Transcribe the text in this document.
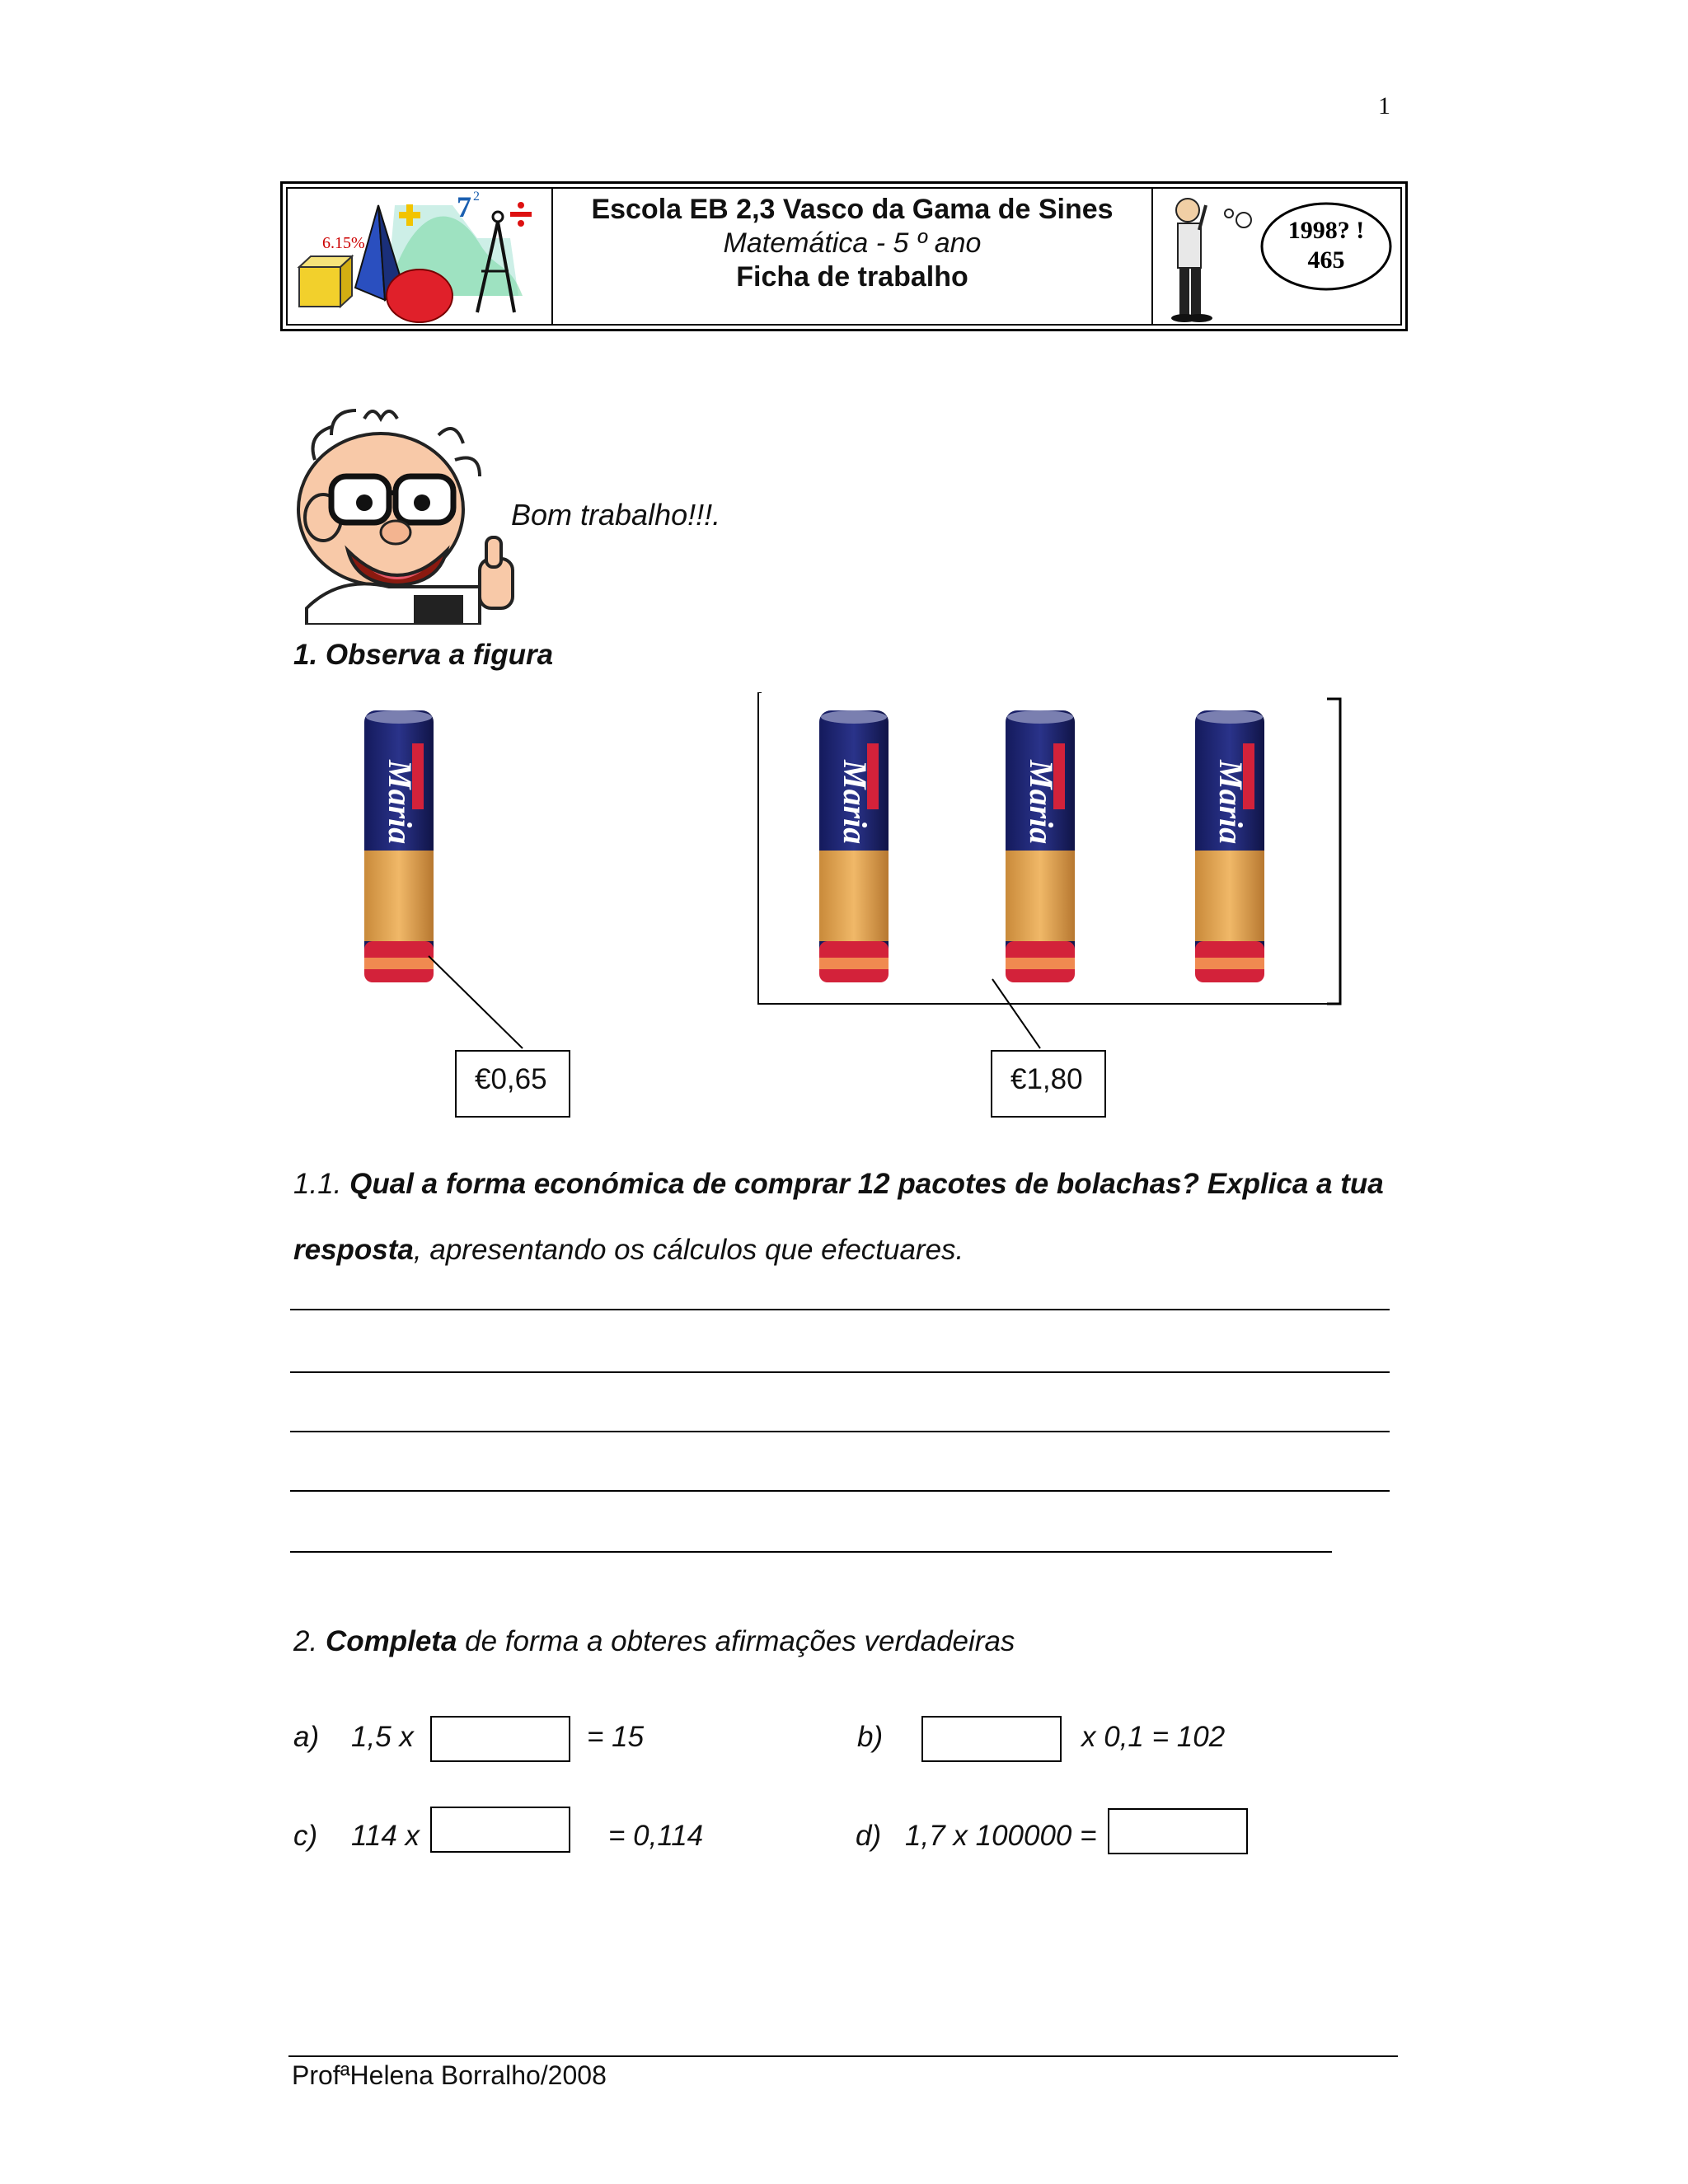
1
6.15%
7 2	Escola EB 2,3 Vasco da Gama de Sines
Matemática - 5 º ano
Ficha de trabalho
1998? !
465
Bom trabalho!!!.
1. Observa a figura
Maria	Maria	Maria	Maria
€0,65	€1,80
1.1. Qual a forma económica de comprar 12 pacotes de bolachas? Explica a tua resposta, apresentando os cálculos que efectuares.
2. Completa de forma a obteres afirmações verdadeiras
a) 1,5 x	= 15	b)	x 0,1 = 102
c) 114 x	= 0,114	d) 1,7 x 100000 =
ProfªHelena Borralho/2008
